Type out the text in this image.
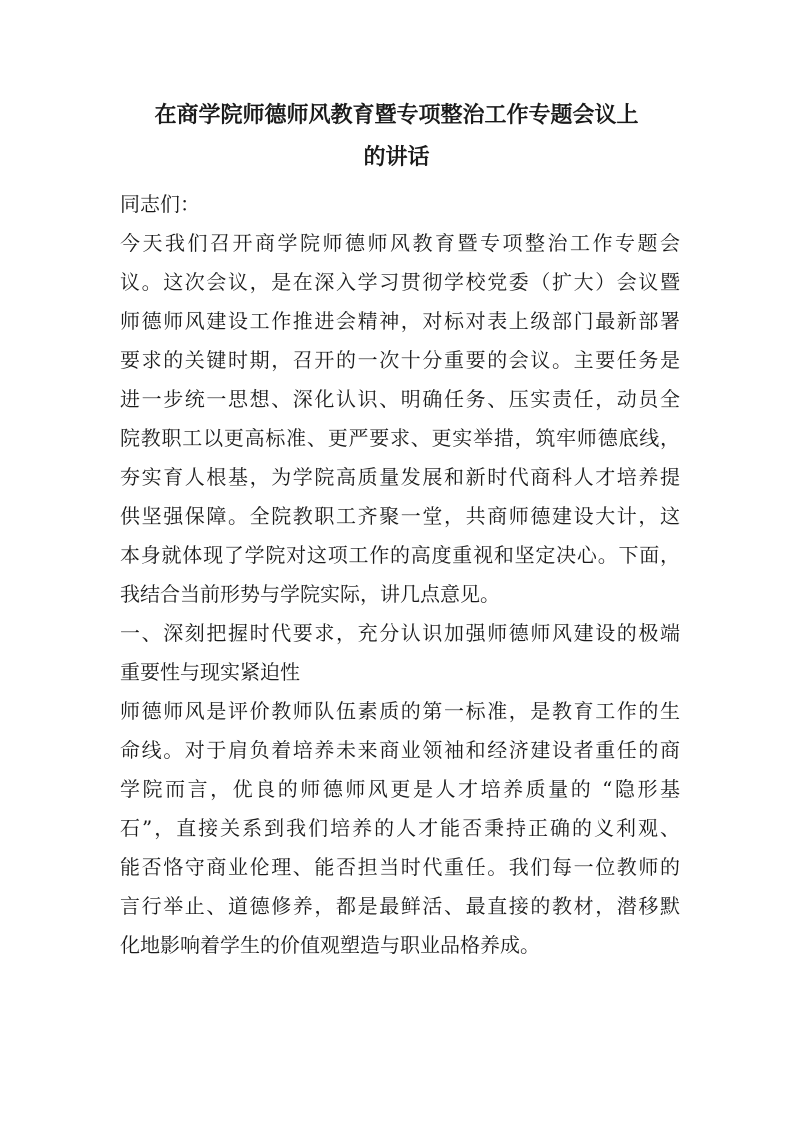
在商学院师德师风教育暨专项整治工作专题会议上
的讲话
同志们：
今天我们召开商学院师德师风教育暨专项整治工作专题会
议。这次会议，是在深入学习贯彻学校党委（扩大）会议暨
师德师风建设工作推进会精神，对标对表上级部门最新部署
要求的关键时期，召开的一次十分重要的会议。主要任务是
进一步统一思想、深化认识、明确任务、压实责任，动员全
院教职工以更高标准、更严要求、更实举措，筑牢师德底线，
夯实育人根基，为学院高质量发展和新时代商科人才培养提
供坚强保障。全院教职工齐聚一堂，共商师德建设大计，这
本身就体现了学院对这项工作的高度重视和坚定决心。下面，
我结合当前形势与学院实际，讲几点意见。
一、深刻把握时代要求，充分认识加强师德师风建设的极端
重要性与现实紧迫性
师德师风是评价教师队伍素质的第一标准，是教育工作的生
命线。对于肩负着培养未来商业领袖和经济建设者重任的商
学院而言，优良的师德师风更是人才培养质量的 “隐形基
石”，直接关系到我们培养的人才能否秉持正确的义利观、
能否恪守商业伦理、能否担当时代重任。我们每一位教师的
言行举止、道德修养，都是最鲜活、最直接的教材，潜移默
化地影响着学生的价值观塑造与职业品格养成。
